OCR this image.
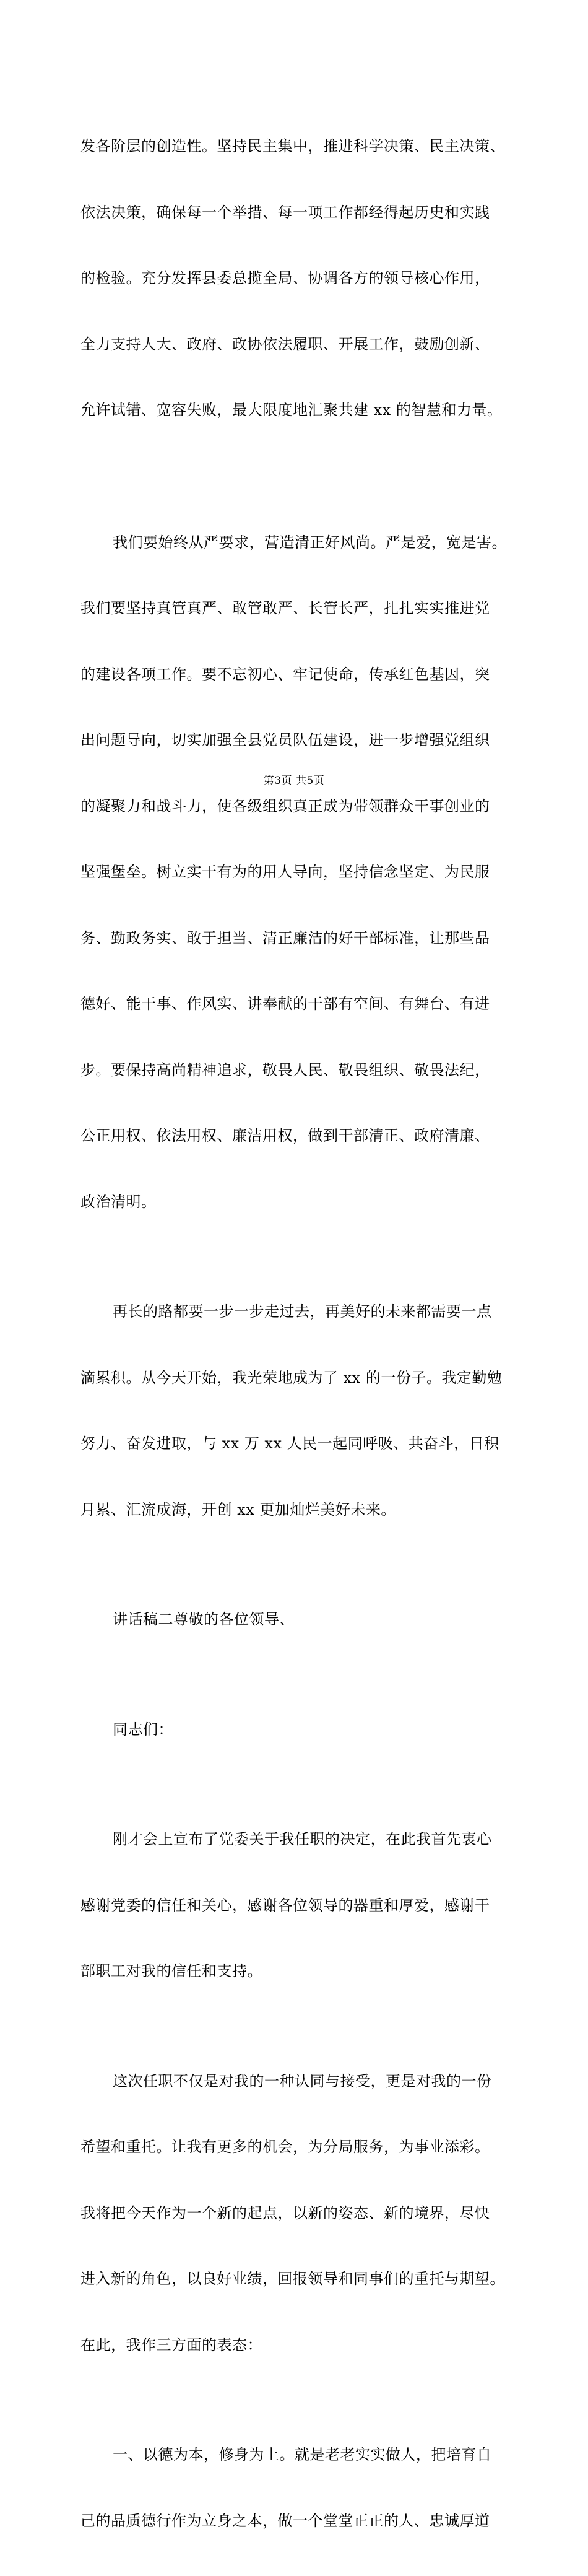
发各阶层的创造性。坚持民主集中，推进科学决策、民主决策、

依法决策，确保每一个举措、每一项工作都经得起历史和实践

的检验。充分发挥县委总揽全局、协调各方的领导核心作用，

全力支持人大、政府、政协依法履职、开展工作，鼓励创新、

允许试错、宽容失败，最大限度地汇聚共建 xx 的智慧和力量。

我们要始终从严要求，营造清正好风尚。严是爱，宽是害。

我们要坚持真管真严、敢管敢严、长管长严，扎扎实实推进党

的建设各项工作。要不忘初心、牢记使命，传承红色基因，突

出问题导向，切实加强全县党员队伍建设，进一步增强党组织

的凝聚力和战斗力，使各级组织真正成为带领群众干事创业的

坚强堡垒。树立实干有为的用人导向，坚持信念坚定、为民服

务、勤政务实、敢于担当、清正廉洁的好干部标准，让那些品

德好、能干事、作风实、讲奉献的干部有空间、有舞台、有进

步。要保持高尚精神追求，敬畏人民、敬畏组织、敬畏法纪，

公正用权、依法用权、廉洁用权，做到干部清正、政府清廉、

政治清明。

再长的路都要一步一步走过去，再美好的未来都需要一点

滴累积。从今天开始，我光荣地成为了 xx 的一份子。我定勤勉

努力、奋发进取，与 xx 万 xx 人民一起同呼吸、共奋斗，日积

月累、汇流成海，开创 xx 更加灿烂美好未来。

讲话稿二尊敬的各位领导、

同志们：

刚才会上宣布了党委关于我任职的决定，在此我首先衷心

感谢党委的信任和关心，感谢各位领导的器重和厚爱，感谢干

部职工对我的信任和支持。

这次任职不仅是对我的一种认同与接受，更是对我的一份

希望和重托。让我有更多的机会，为分局服务，为事业添彩。

我将把今天作为一个新的起点，以新的姿态、新的境界，尽快

进入新的角色，以良好业绩，回报领导和同事们的重托与期望。

在此，我作三方面的表态：

一、以德为本，修身为上。就是老老实实做人，把培育自

己的品质德行作为立身之本，做一个堂堂正正的人、忠诚厚道

第3页 共5页
